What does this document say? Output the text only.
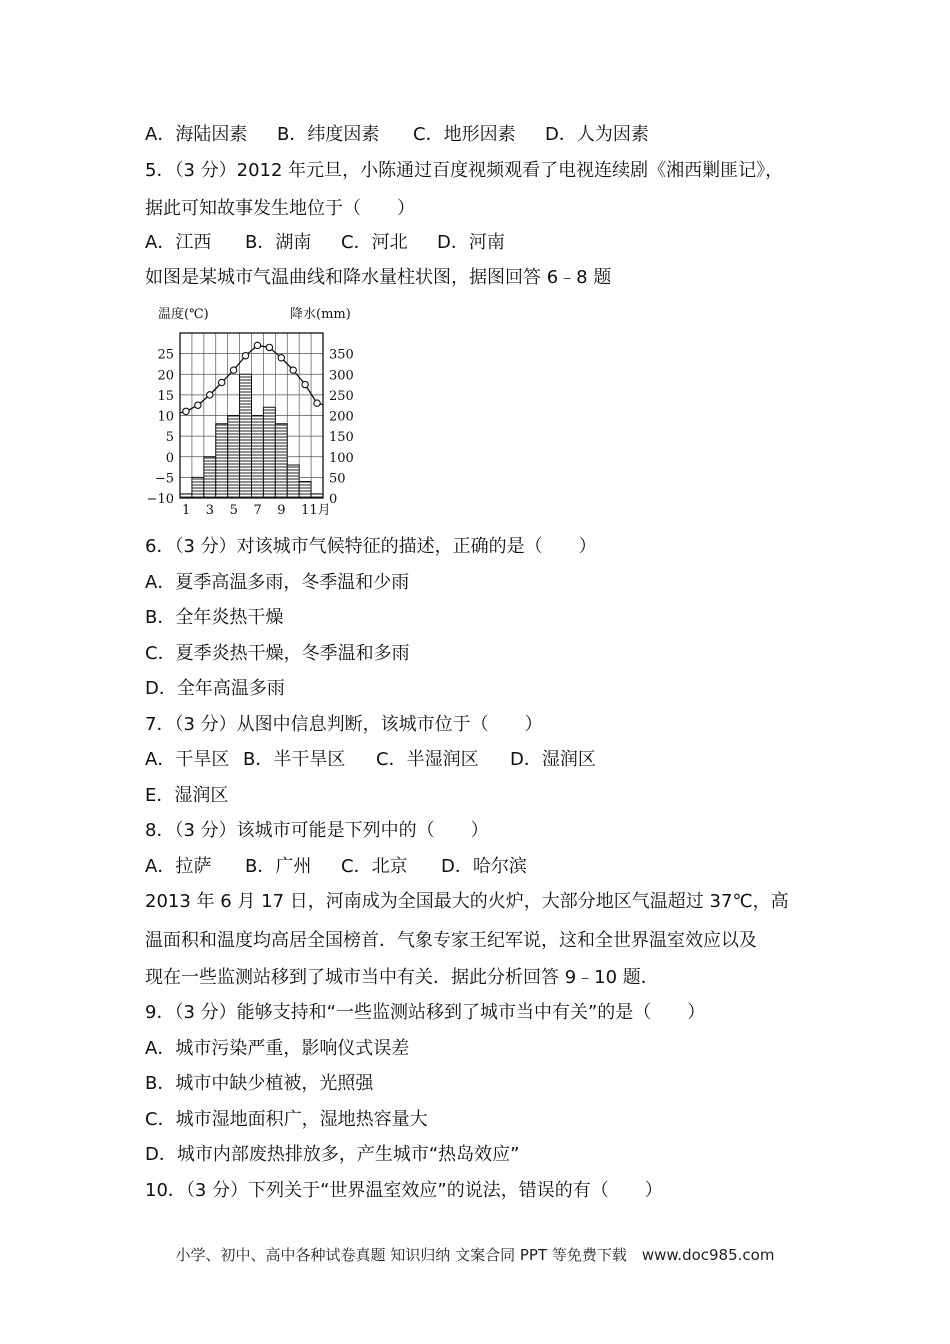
A．海陆因素 B．纬度因素 C．地形因素 D．人为因素
5．（3 分）2012 年元旦，小陈通过百度视频观看了电视连续剧《湘西剿匪记》，
据此可知故事发生地位于（　　）
A．江西 B．湖南 C．河北 D．河南
如图是某城市气温曲线和降水量柱状图，据图回答 6﹣8 题
温度(℃)	降水(mm)
25
20
15
10
5
0
−5
−10
350
300
250
200
150
100
50
0
1 3 5 7 9 11月
6．（3 分）对该城市气候特征的描述，正确的是（　　）
A．夏季高温多雨，冬季温和少雨
B．全年炎热干燥
C．夏季炎热干燥，冬季温和多雨
D．全年高温多雨
7．（3 分）从图中信息判断，该城市位于（　　）
A．干旱区 B．半干旱区 C．半湿润区 D．湿润区
E．湿润区
8．（3 分）该城市可能是下列中的（　　）
A．拉萨 B．广州 C．北京 D．哈尔滨
2013 年 6 月 17 日，河南成为全国最大的火炉，大部分地区气温超过 37℃，高
温面积和温度均高居全国榜首．气象专家王纪军说，这和全世界温室效应以及
现在一些监测站移到了城市当中有关．据此分析回答 9﹣10 题．
9．（3 分）能够支持和“一些监测站移到了城市当中有关”的是（　　）
A．城市污染严重，影响仪式误差
B．城市中缺少植被，光照强
C．城市湿地面积广，湿地热容量大
D．城市内部废热排放多，产生城市“热岛效应”
10．（3 分）下列关于“世界温室效应”的说法，错误的有（　　）
小学、初中、高中各种试卷真题 知识归纳 文案合同 PPT 等免费下载　www.doc985.com
